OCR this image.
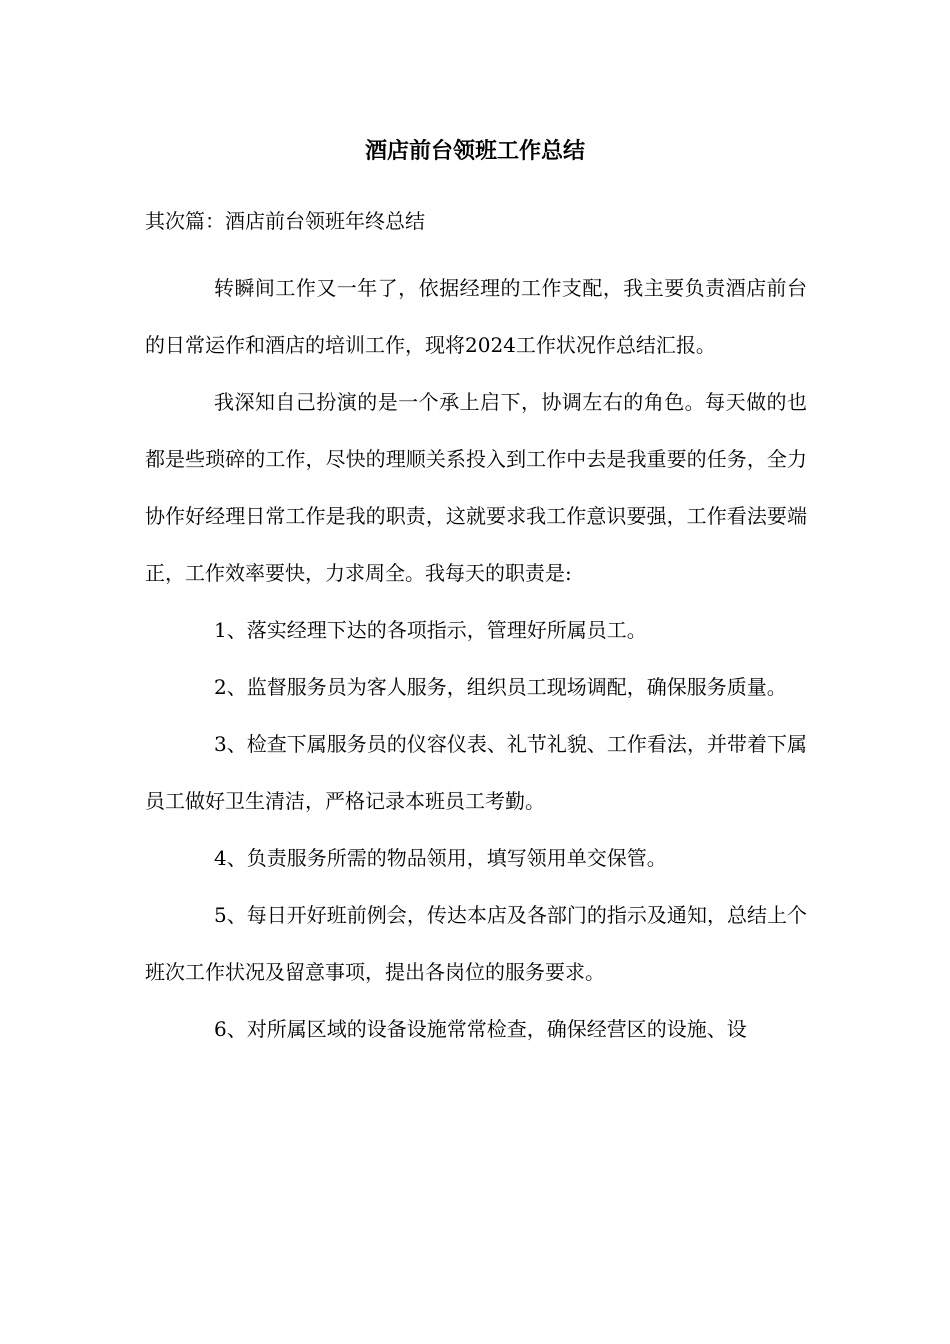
酒店前台领班工作总结
其次篇：酒店前台领班年终总结

转瞬间工作又一年了，依据经理的工作支配，我主要负责酒店前台的日常运作和酒店的培训工作，现将2024工作状况作总结汇报。

我深知自己扮演的是一个承上启下，协调左右的角色。每天做的也都是些琐碎的工作，尽快的理顺关系投入到工作中去是我重要的任务，全力协作好经理日常工作是我的职责，这就要求我工作意识要强，工作看法要端正，工作效率要快，力求周全。我每天的职责是:

1、落实经理下达的各项指示，管理好所属员工。

2、监督服务员为客人服务，组织员工现场调配，确保服务质量。

3、检查下属服务员的仪容仪表、礼节礼貌、工作看法，并带着下属员工做好卫生清洁，严格记录本班员工考勤。

4、负责服务所需的物品领用，填写领用单交保管。

5、每日开好班前例会，传达本店及各部门的指示及通知，总结上个班次工作状况及留意事项，提出各岗位的服务要求。

6、对所属区域的设备设施常常检查，确保经营区的设施、设
